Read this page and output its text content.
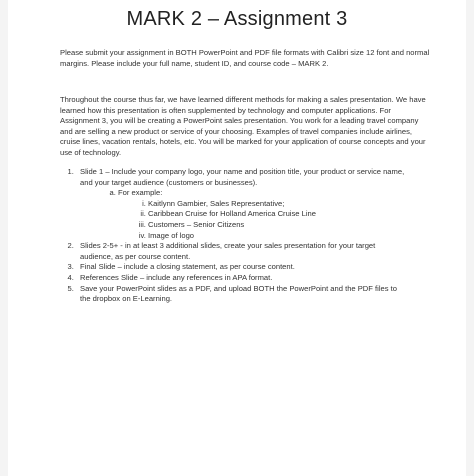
MARK 2 – Assignment 3
Please submit your assignment in BOTH PowerPoint and PDF file formats with Calibri size 12 font and normal margins. Please include your full name, student ID, and course code – MARK 2.
Throughout the course thus far, we have learned different methods for making a sales presentation. We have learned how this presentation is often supplemented by technology and computer applications. For Assignment 3, you will be creating a PowerPoint sales presentation. You work for a leading travel company and are selling a new product or service of your choosing. Examples of travel companies include airlines, cruise lines, vacation rentals, hotels, etc. You will be marked for your application of course concepts and your use of technology.
1. Slide 1 – Include your company logo, your name and position title, your product or service name, and your target audience (customers or businesses).
a. For example:
i. Kaitlynn Gambier, Sales Representative;
ii. Caribbean Cruise for Holland America Cruise Line
iii. Customers – Senior Citizens
iv. Image of logo
2. Slides 2-5+ - in at least 3 additional slides, create your sales presentation for your target audience, as per course content.
3. Final Slide – include a closing statement, as per course content.
4. References Slide – include any references in APA format.
5. Save your PowerPoint slides as a PDF, and upload BOTH the PowerPoint and the PDF files to the dropbox on E-Learning.
